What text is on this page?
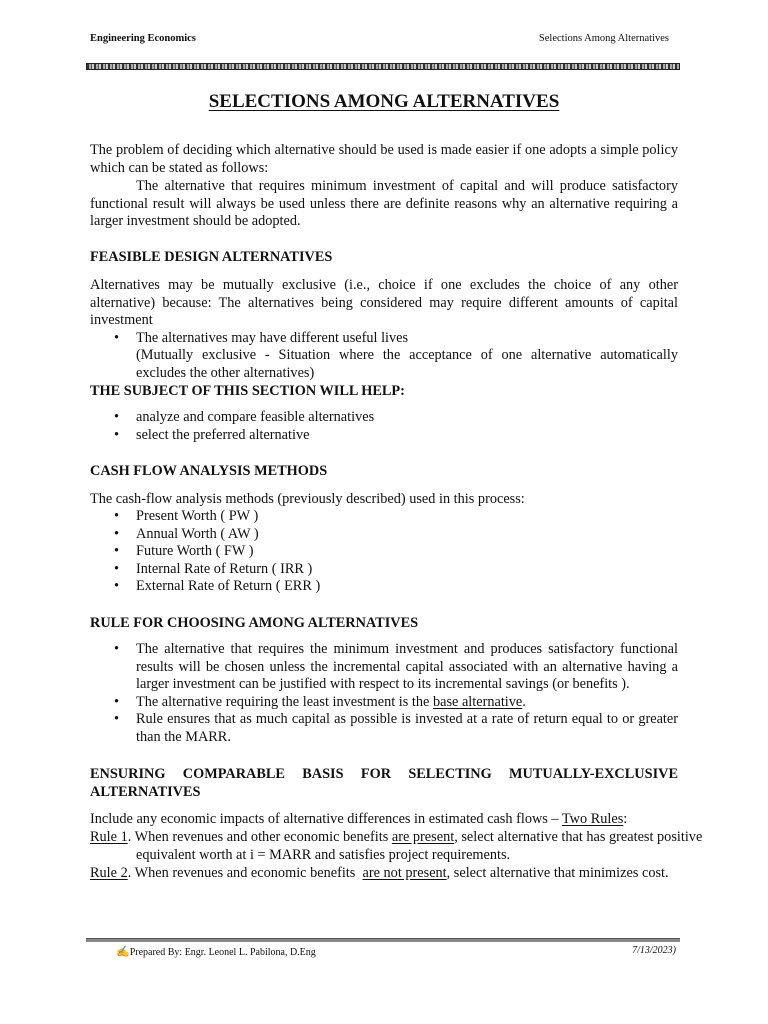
Engineering Economics	Selections Among Alternatives
SELECTIONS AMONG ALTERNATIVES
The problem of deciding which alternative should be used is made easier if one adopts a simple policy which can be stated as follows:
The alternative that requires minimum investment of capital and will produce satisfactory functional result will always be used unless there are definite reasons why an alternative requiring a larger investment should be adopted.
FEASIBLE DESIGN ALTERNATIVES
Alternatives may be mutually exclusive (i.e., choice if one excludes the choice of any other alternative) because: The alternatives being considered may require different amounts of capital investment
• The alternatives may have different useful lives
(Mutually exclusive - Situation where the acceptance of one alternative automatically excludes the other alternatives)
THE SUBJECT OF THIS SECTION WILL HELP:
• analyze and compare feasible alternatives
• select the preferred alternative
CASH FLOW ANALYSIS METHODS
The cash-flow analysis methods (previously described) used in this process:
• Present Worth ( PW )
• Annual Worth ( AW )
• Future Worth ( FW )
• Internal Rate of Return ( IRR )
• External Rate of Return ( ERR )
RULE FOR CHOOSING AMONG ALTERNATIVES
• The alternative that requires the minimum investment and produces satisfactory functional results will be chosen unless the incremental capital associated with an alternative having a larger investment can be justified with respect to its incremental savings (or benefits ).
• The alternative requiring the least investment is the base alternative.
• Rule ensures that as much capital as possible is invested at a rate of return equal to or greater than the MARR.
ENSURING COMPARABLE BASIS FOR SELECTING MUTUALLY-EXCLUSIVE ALTERNATIVES
Include any economic impacts of alternative differences in estimated cash flows – Two Rules:
Rule 1. When revenues and other economic benefits are present, select alternative that has greatest positive equivalent worth at i = MARR and satisfies project requirements.
Rule 2. When revenues and economic benefits  are not present, select alternative that minimizes cost.
✍Prepared By: Engr. Leonel L. Pabilona, D.Eng	7/13/2023)
